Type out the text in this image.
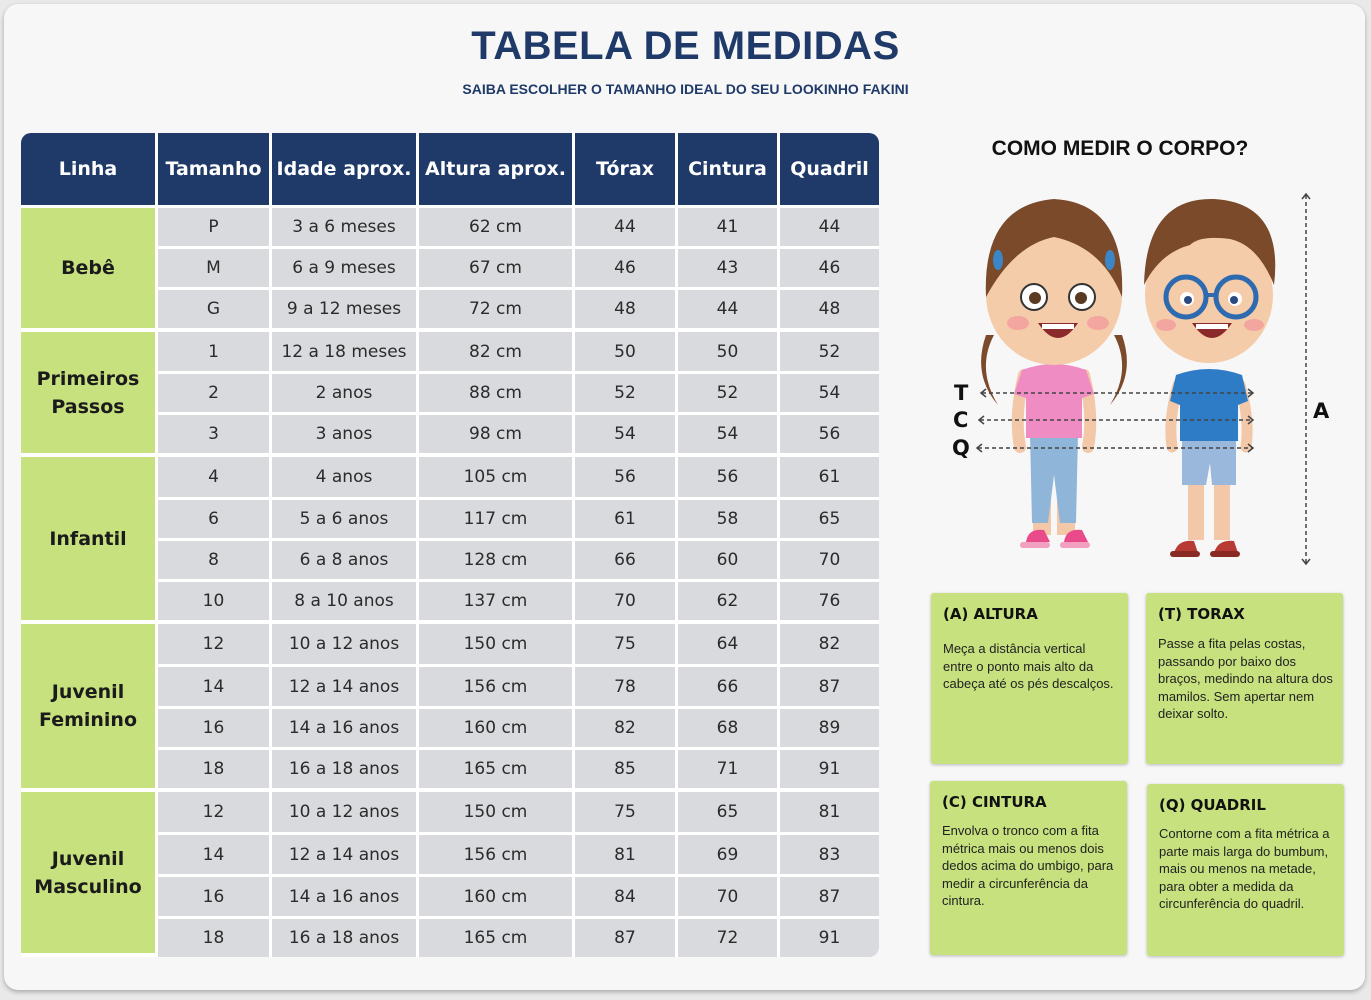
TABELA DE MEDIDAS
SAIBA ESCOLHER O TAMANHO IDEAL DO SEU LOOKINHO FAKINI
Linha	Tamanho	Idade aprox.	Altura aprox.	Tórax	Cintura	Quadril
Bebê	P	3 a 6 meses	62 cm	44	41	44
	M	6 a 9 meses	67 cm	46	43	46
	G	9 a 12 meses	72 cm	48	44	48
Primeiros Passos	1	12 a 18 meses	82 cm	50	50	52
	2	2 anos	88 cm	52	52	54
	3	3 anos	98 cm	54	54	56
Infantil	4	4 anos	105 cm	56	56	61
	6	5 a 6 anos	117 cm	61	58	65
	8	6 a 8 anos	128 cm	66	60	70
	10	8 a 10 anos	137 cm	70	62	76
Juvenil Feminino	12	10 a 12 anos	150 cm	75	64	82
	14	12 a 14 anos	156 cm	78	66	87
	16	14 a 16 anos	160 cm	82	68	89
	18	16 a 18 anos	165 cm	85	71	91
Juvenil Masculino	12	10 a 12 anos	150 cm	75	65	81
	14	12 a 14 anos	156 cm	81	69	83
	16	14 a 16 anos	160 cm	84	70	87
	18	16 a 18 anos	165 cm	87	72	91
COMO MEDIR O CORPO?
T
C
Q
A
(A) ALTURA

Meça a distância vertical entre o ponto mais alto da cabeça até os pés descalços.

(T) TORAX

Passe a fita pelas costas, passando por baixo dos braços, medindo na altura dos mamilos. Sem apertar nem deixar solto.

(C) CINTURA

Envolva o tronco com a fita métrica mais ou menos dois dedos acima do umbigo, para medir a circunferência da cintura.

(Q) QUADRIL

Contorne com a fita métrica a parte mais larga do bumbum, mais ou menos na metade, para obter a medida da circunferência do quadril.
